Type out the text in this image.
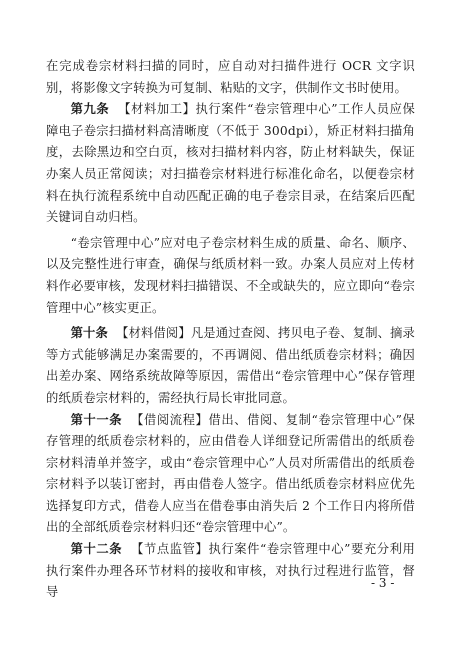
在完成卷宗材料扫描的同时，应自动对扫描件进行 OCR 文字识别，将影像文字转换为可复制、粘贴的文字，供制作文书时使用。

第九条 【材料加工】执行案件“卷宗管理中心”工作人员应保障电子卷宗扫描材料高清晰度（不低于 300dpi），矫正材料扫描角度，去除黑边和空白页，核对扫描材料内容，防止材料缺失，保证办案人员正常阅读；对扫描卷宗材料进行标准化命名，以便卷宗材料在执行流程系统中自动匹配正确的电子卷宗目录，在结案后匹配关键词自动归档。

“卷宗管理中心”应对电子卷宗材料生成的质量、命名、顺序、以及完整性进行审查，确保与纸质材料一致。办案人员应对上传材料作必要审核，发现材料扫描错误、不全或缺失的，应立即向“卷宗管理中心”核实更正。

第十条 【材料借阅】凡是通过查阅、拷贝电子卷、复制、摘录等方式能够满足办案需要的，不再调阅、借出纸质卷宗材料；确因出差办案、网络系统故障等原因，需借出“卷宗管理中心”保存管理的纸质卷宗材料的，需经执行局长审批同意。

第十一条 【借阅流程】借出、借阅、复制“卷宗管理中心”保存管理的纸质卷宗材料的，应由借卷人详细登记所需借出的纸质卷宗材料清单并签字，或由“卷宗管理中心”人员对所需借出的纸质卷宗材料予以装订密封，再由借卷人签字。借出纸质卷宗材料应优先选择复印方式，借卷人应当在借卷事由消失后 2 个工作日内将所借出的全部纸质卷宗材料归还“卷宗管理中心”。

第十二条 【节点监管】执行案件“卷宗管理中心”要充分利用执行案件办理各环节材料的接收和审核，对执行过程进行监管，督导

- 3 -
